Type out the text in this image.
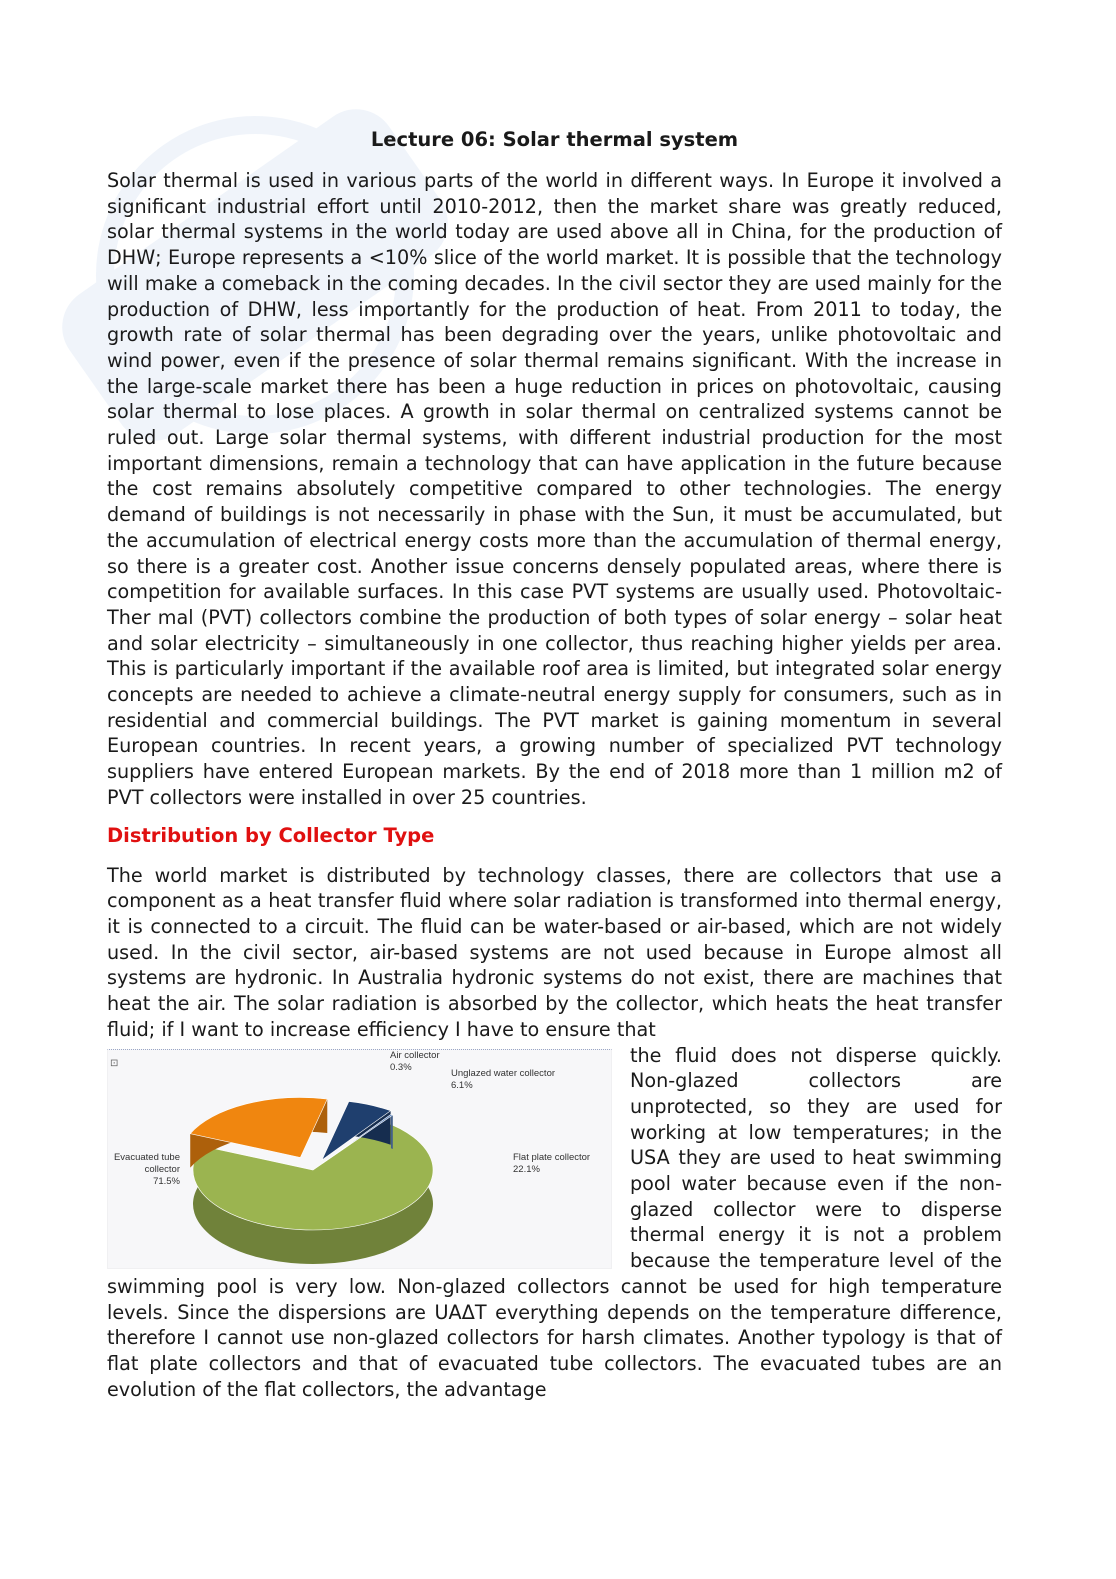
Lecture 06: Solar thermal system

Solar thermal is used in various parts of the world in different ways. In Europe it involved a significant industrial effort until 2010-2012, then the market share was greatly reduced, solar thermal systems in the world today are used above all in China, for the production of DHW; Europe represents a <10% slice of the world market. It is possible that the technology will make a comeback in the coming decades. In the civil sector they are used mainly for the production of DHW, less importantly for the production of heat. From 2011 to today, the growth rate of solar thermal has been degrading over the years, unlike photovoltaic and wind power, even if the presence of solar thermal remains significant. With the increase in the large-scale market there has been a huge reduction in prices on photovoltaic, causing solar thermal to lose places. A growth in solar thermal on centralized systems cannot be ruled out. Large solar thermal systems, with different industrial production for the most important dimensions, remain a technology that can have application in the future because the cost remains absolutely competitive compared to other technologies. The energy demand of buildings is not necessarily in phase with the Sun, it must be accumulated, but the accumulation of electrical energy costs more than the accumulation of thermal energy, so there is a greater cost. Another issue concerns densely populated areas, where there is competition for available surfaces. In this case PVT systems are usually used. Photovoltaic-Ther mal (PVT) collectors combine the production of both types of solar energy – solar heat and solar electricity – simultaneously in one collector, thus reaching higher yields per area. This is particularly important if the available roof area is limited, but integrated solar energy concepts are needed to achieve a climate-neutral energy supply for consumers, such as in residential and commercial buildings. The PVT market is gaining momentum in several European countries. In recent years, a growing number of specialized PVT technology suppliers have entered European markets. By the end of 2018 more than 1 million m2 of PVT collectors were installed in over 25 countries.

Distribution by Collector Type

The world market is distributed by technology classes, there are collectors that use a component as a heat transfer fluid where solar radiation is transformed into thermal energy, it is connected to a circuit. The fluid can be water-based or air-based, which are not widely used. In the civil sector, air-based systems are not used because in Europe almost all systems are hydronic. In Australia hydronic systems do not exist, there are machines that heat the air. The solar radiation is absorbed by the collector, which heats the heat transfer fluid; if I want to increase efficiency I have to ensure that

⊡
Evacuated tube
collector
71.5%
Flat plate collector
22.1%
Unglazed water collector
6.1%
Air collector
0.3%

the fluid does not disperse quickly. Non-glazed collectors are unprotected, so they are used for working at low temperatures; in the USA they are used to heat swimming pool water because even if the non-glazed collector were to disperse thermal energy it is not a problem because the temperature level of the swimming pool is very low. Non-glazed collectors cannot be used for high temperature levels. Since the dispersions are UAΔT everything depends on the temperature difference, therefore I cannot use non-glazed collectors for harsh climates. Another typology is that of flat plate collectors and that of evacuated tube collectors. The evacuated tubes are an evolution of the flat collectors, the advantage
